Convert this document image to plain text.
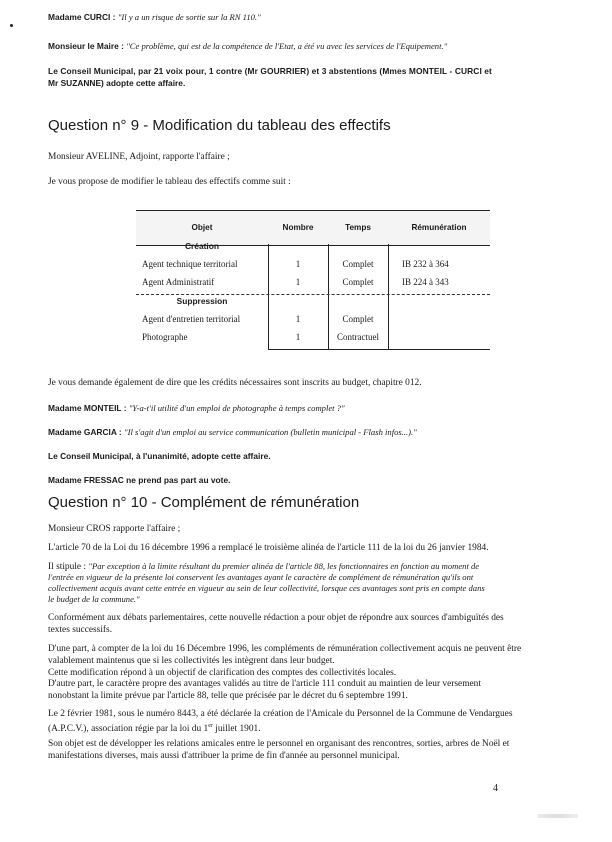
Madame CURCI : "Il y a un risque de sortie sur la RN 110."
Monsieur le Maire : "Ce problème, qui est de la compétence de l'Etat, a été vu avec les services de l'Equipement."
Le Conseil Municipal, par 21 voix pour, 1 contre (Mr GOURRIER) et 3 abstentions (Mmes MONTEIL - CURCI et
Mr SUZANNE) adopte cette affaire.
Question n° 9 - Modification du tableau des effectifs
Monsieur AVELINE, Adjoint, rapporte l'affaire ;
Je vous propose de modifier le tableau des effectifs comme suit :
Objet	Nombre	Temps	Rémunération
Création
Agent technique territorial	1	Complet	IB 232 à 364
Agent Administratif	1	Complet	IB 224 à 343
Suppression
Agent d'entretien territorial	1	Complet
Photographe	1	Contractuel
Je vous demande également de dire que les crédits nécessaires sont inscrits au budget, chapitre 012.
Madame MONTEIL : "Y-a-t'il utilité d'un emploi de photographe à temps complet ?"
Madame GARCIA : "Il s'agit d'un emploi au service communication (bulletin municipal - Flash infos...)."
Le Conseil Municipal, à l'unanimité, adopte cette affaire.
Madame FRESSAC ne prend pas part au vote.
Question n° 10 - Complément de rémunération
Monsieur CROS rapporte l'affaire ;
L'article 70 de la Loi du 16 décembre 1996 a remplacé le troisième alinéa de l'article 111 de la loi du 26 janvier 1984.
Il stipule : "Par exception à la limite résultant du premier alinéa de l'article 88, les fonctionnaires en fonction au moment de
l'entrée en vigueur de la présente loi conservent les avantages ayant le caractère de complément de rémunération qu'ils ont
collectivement acquis avant cette entrée en vigueur au sein de leur collectivité, lorsque ces avantages sont pris en compte dans
le budget de la commune."
Conformément aux débats parlementaires, cette nouvelle rédaction a pour objet de répondre aux sources d'ambiguïtés des
textes successifs.
D'une part, à compter de la loi du 16 Décembre 1996, les compléments de rémunération collectivement acquis ne peuvent être
valablement maintenus que si les collectivités les intègrent dans leur budget.
Cette modification répond à un objectif de clarification des comptes des collectivités locales.
D'autre part, le caractère propre des avantages validés au titre de l'article 111 conduit au maintien de leur versement
nonobstant la limite prévue par l'article 88, telle que précisée par le décret du 6 septembre 1991.
Le 2 février 1981, sous le numéro 8443, a été déclarée la création de l'Amicale du Personnel de la Commune de Vendargues
(A.P.C.V.), association régie par la loi du 1er juillet 1901.
Son objet est de développer les relations amicales entre le personnel en organisant des rencontres, sorties, arbres de Noël et
manifestations diverses, mais aussi d'attribuer la prime de fin d'année au personnel municipal.
4
